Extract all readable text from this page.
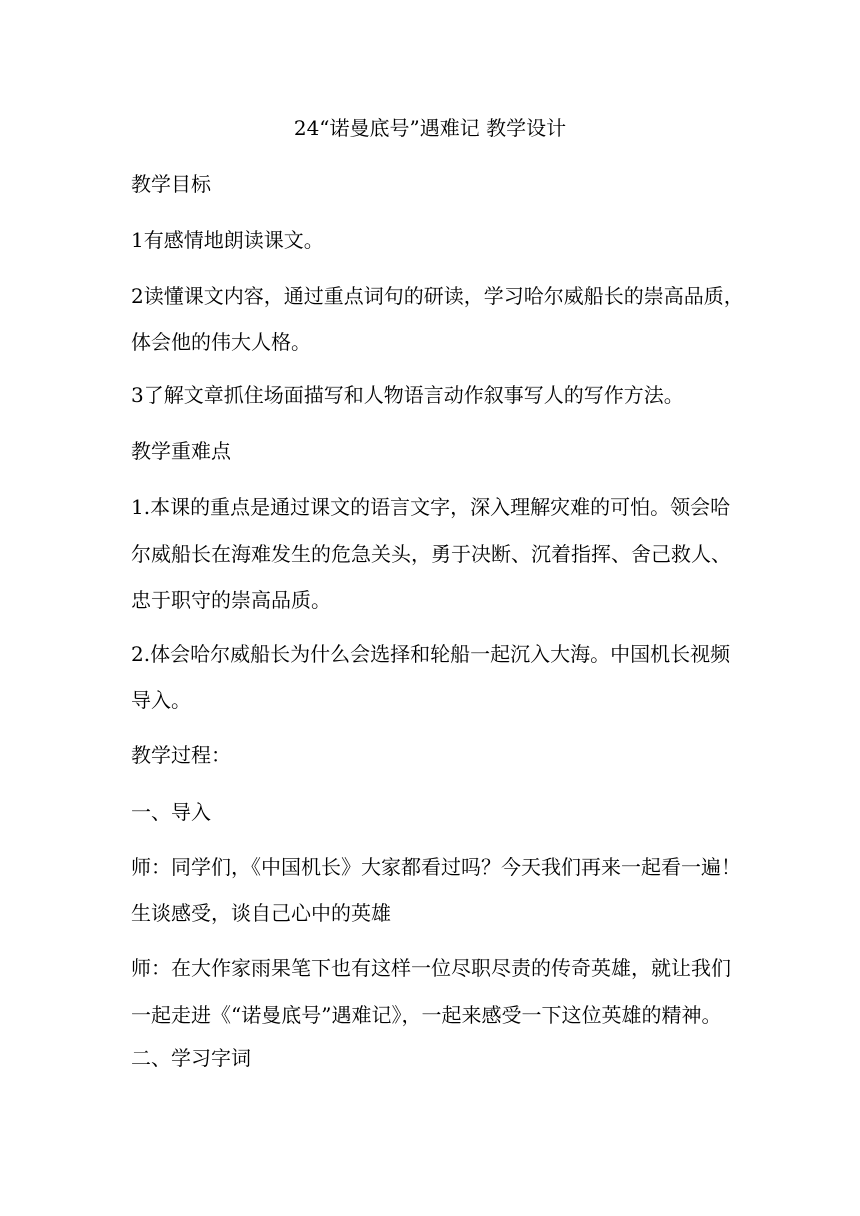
24“诺曼底号”遇难记 教学设计
教学目标
1有感情地朗读课文。
2读懂课文内容，通过重点词句的研读，学习哈尔威船长的崇高品质，
体会他的伟大人格。
3了解文章抓住场面描写和人物语言动作叙事写人的写作方法。
教学重难点
1.本课的重点是通过课文的语言文字，深入理解灾难的可怕。领会哈
尔威船长在海难发生的危急关头，勇于决断、沉着指挥、舍己救人、
忠于职守的崇高品质。
2.体会哈尔威船长为什么会选择和轮船一起沉入大海。中国机长视频
导入。
教学过程：
一、导入
师：同学们，《中国机长》大家都看过吗？今天我们再来一起看一遍！
生谈感受，谈自己心中的英雄
师：在大作家雨果笔下也有这样一位尽职尽责的传奇英雄，就让我们
一起走进《“诺曼底号”遇难记》，一起来感受一下这位英雄的精神。
二、学习字词
